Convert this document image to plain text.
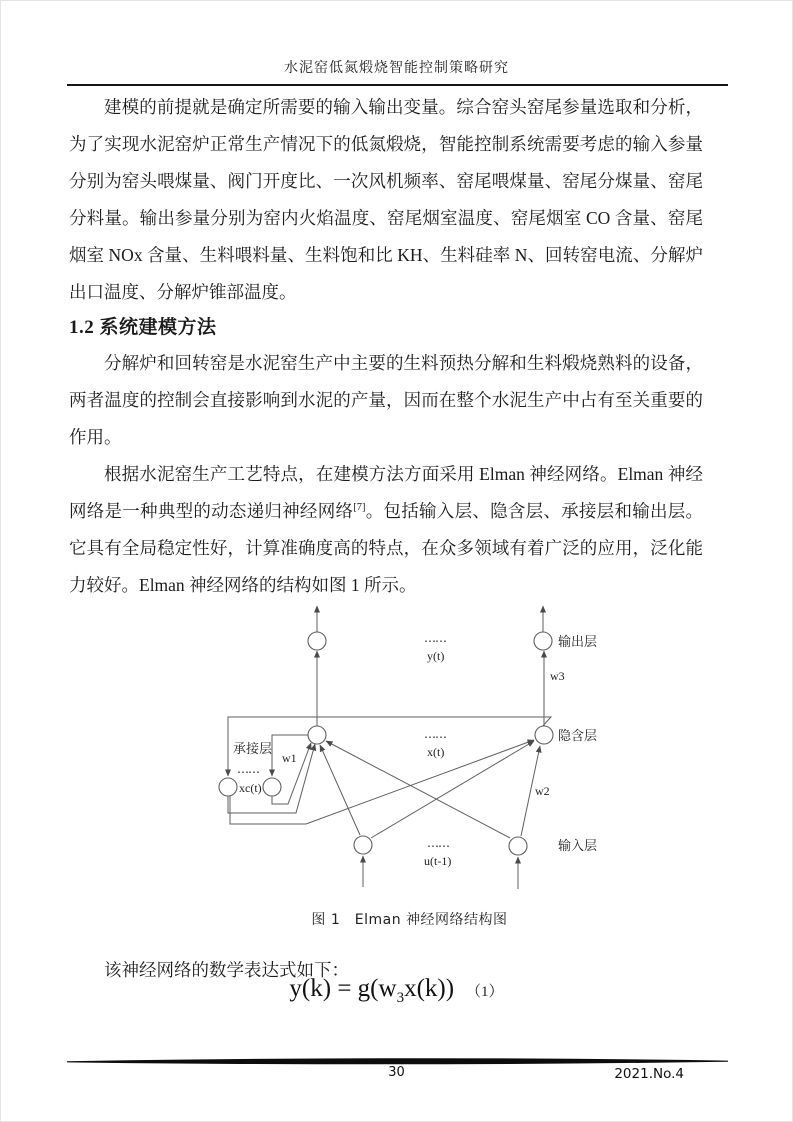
水泥窑低氮煅烧智能控制策略研究

建模的前提就是确定所需要的输入输出变量。综合窑头窑尾参量选取和分析，为了实现水泥窑炉正常生产情况下的低氮煅烧，智能控制系统需要考虑的输入参量分别为窑头喂煤量、阀门开度比、一次风机频率、窑尾喂煤量、窑尾分煤量、窑尾分料量。输出参量分别为窑内火焰温度、窑尾烟室温度、窑尾烟室 CO 含量、窑尾烟室 NOx 含量、生料喂料量、生料饱和比 KH、生料硅率 N、回转窑电流、分解炉出口温度、分解炉锥部温度。

1.2 系统建模方法

分解炉和回转窑是水泥窑生产中主要的生料预热分解和生料煅烧熟料的设备，两者温度的控制会直接影响到水泥的产量，因而在整个水泥生产中占有至关重要的作用。

根据水泥窑生产工艺特点，在建模方法方面采用 Elman 神经网络。Elman 神经网络是一种典型的动态递归神经网络[7]。包括输入层、隐含层、承接层和输出层。它具有全局稳定性好，计算准确度高的特点，在众多领域有着广泛的应用，泛化能力较好。Elman 神经网络的结构如图 1 所示。

输出层
隐含层
承接层
输入层
……
y(t)
……
x(t)
……
xc(t)
……
u(t-1)
w1
w2
w3
图 1　Elman 神经网络结构图

该神经网络的数学表达式如下：

$y(k) = g(w_3x(k))$ （1）
30	2021.No.4
